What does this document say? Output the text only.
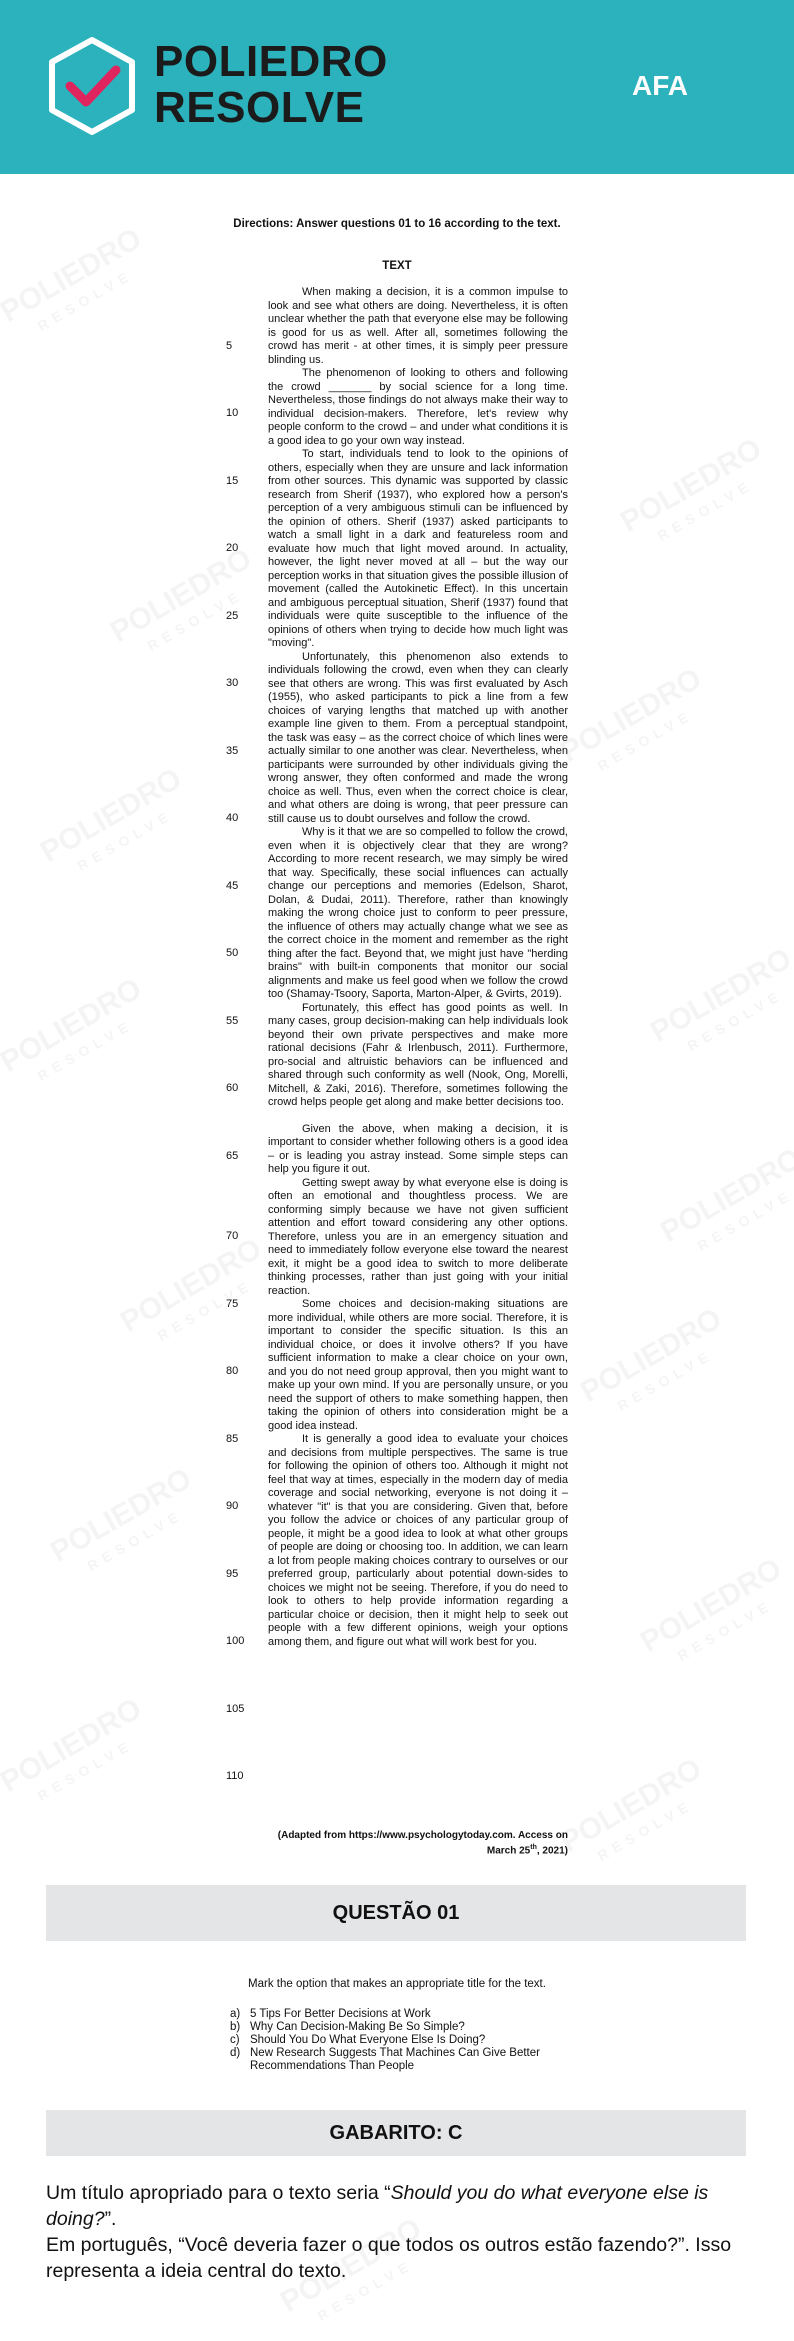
POLIEDRO
RESOLVE	AFA
Directions: Answer questions 01 to 16 according to the text.
TEXT
5
10
15
20
25
30
35
40
45
50
55
60
65
70
75
80
85
90
95
100
105
110

When making a decision, it is a common impulse to look and see what others are doing. Nevertheless, it is often unclear whether the path that everyone else may be following is good for us as well. After all, sometimes following the crowd has merit - at other times, it is simply peer pressure blinding us.

The phenomenon of looking to others and following the crowd _______ by social science for a long time. Nevertheless, those findings do not always make their way to individual decision-makers. Therefore, let's review why people conform to the crowd – and under what conditions it is a good idea to go your own way instead.

To start, individuals tend to look to the opinions of others, especially when they are unsure and lack information from other sources. This dynamic was supported by classic research from Sherif (1937), who explored how a person's perception of a very ambiguous stimuli can be influenced by the opinion of others. Sherif (1937) asked participants to watch a small light in a dark and featureless room and evaluate how much that light moved around. In actuality, however, the light never moved at all – but the way our perception works in that situation gives the possible illusion of movement (called the Autokinetic Effect). In this uncertain and ambiguous perceptual situation, Sherif (1937) found that individuals were quite susceptible to the influence of the opinions of others when trying to decide how much light was "moving".

Unfortunately, this phenomenon also extends to individuals following the crowd, even when they can clearly see that others are wrong. This was first evaluated by Asch (1955), who asked participants to pick a line from a few choices of varying lengths that matched up with another example line given to them. From a perceptual standpoint, the task was easy – as the correct choice of which lines were actually similar to one another was clear. Nevertheless, when participants were surrounded by other individuals giving the wrong answer, they often conformed and made the wrong choice as well. Thus, even when the correct choice is clear, and what others are doing is wrong, that peer pressure can still cause us to doubt ourselves and follow the crowd.

Why is it that we are so compelled to follow the crowd, even when it is objectively clear that they are wrong? According to more recent research, we may simply be wired that way. Specifically, these social influences can actually change our perceptions and memories (Edelson, Sharot, Dolan, & Dudai, 2011). Therefore, rather than knowingly making the wrong choice just to conform to peer pressure, the influence of others may actually change what we see as the correct choice in the moment and remember as the right thing after the fact. Beyond that, we might just have "herding brains" with built-in components that monitor our social alignments and make us feel good when we follow the crowd too (Shamay-Tsoory, Saporta, Marton-Alper, & Gvirts, 2019).

Fortunately, this effect has good points as well. In many cases, group decision-making can help individuals look beyond their own private perspectives and make more rational decisions (Fahr & Irlenbusch, 2011). Furthermore, pro-social and altruistic behaviors can be influenced and shared through such conformity as well (Nook, Ong, Morelli, Mitchell, & Zaki, 2016). Therefore, sometimes following the crowd helps people get along and make better decisions too.

Given the above, when making a decision, it is important to consider whether following others is a good idea – or is leading you astray instead. Some simple steps can help you figure it out.

Getting swept away by what everyone else is doing is often an emotional and thoughtless process. We are conforming simply because we have not given sufficient attention and effort toward considering any other options. Therefore, unless you are in an emergency situation and need to immediately follow everyone else toward the nearest exit, it might be a good idea to switch to more deliberate thinking processes, rather than just going with your initial reaction.

Some choices and decision-making situations are more individual, while others are more social. Therefore, it is important to consider the specific situation. Is this an individual choice, or does it involve others? If you have sufficient information to make a clear choice on your own, and you do not need group approval, then you might want to make up your own mind. If you are personally unsure, or you need the support of others to make something happen, then taking the opinion of others into consideration might be a good idea instead.

It is generally a good idea to evaluate your choices and decisions from multiple perspectives. The same is true for following the opinion of others too. Although it might not feel that way at times, especially in the modern day of media coverage and social networking, everyone is not doing it – whatever "it" is that you are considering. Given that, before you follow the advice or choices of any particular group of people, it might be a good idea to look at what other groups of people are doing or choosing too. In addition, we can learn a lot from people making choices contrary to ourselves or our preferred group, particularly about potential down-sides to choices we might not be seeing. Therefore, if you do need to look to others to help provide information regarding a particular choice or decision, then it might help to seek out people with a few different opinions, weigh your options among them, and figure out what will work best for you.

(Adapted from https://www.psychologytoday.com. Access on
March 25th, 2021)
QUESTÃO 01
Mark the option that makes an appropriate title for the text.
a) 5 Tips For Better Decisions at Work
b) Why Can Decision-Making Be So Simple?
c) Should You Do What Everyone Else Is Doing?
d) New Research Suggests That Machines Can Give Better Recommendations Than People
GABARITO: C

Um título apropriado para o texto seria “Should you do what everyone else is doing?”.

Em português, “Você deveria fazer o que todos os outros estão fazendo?”. Isso representa a ideia central do texto.
